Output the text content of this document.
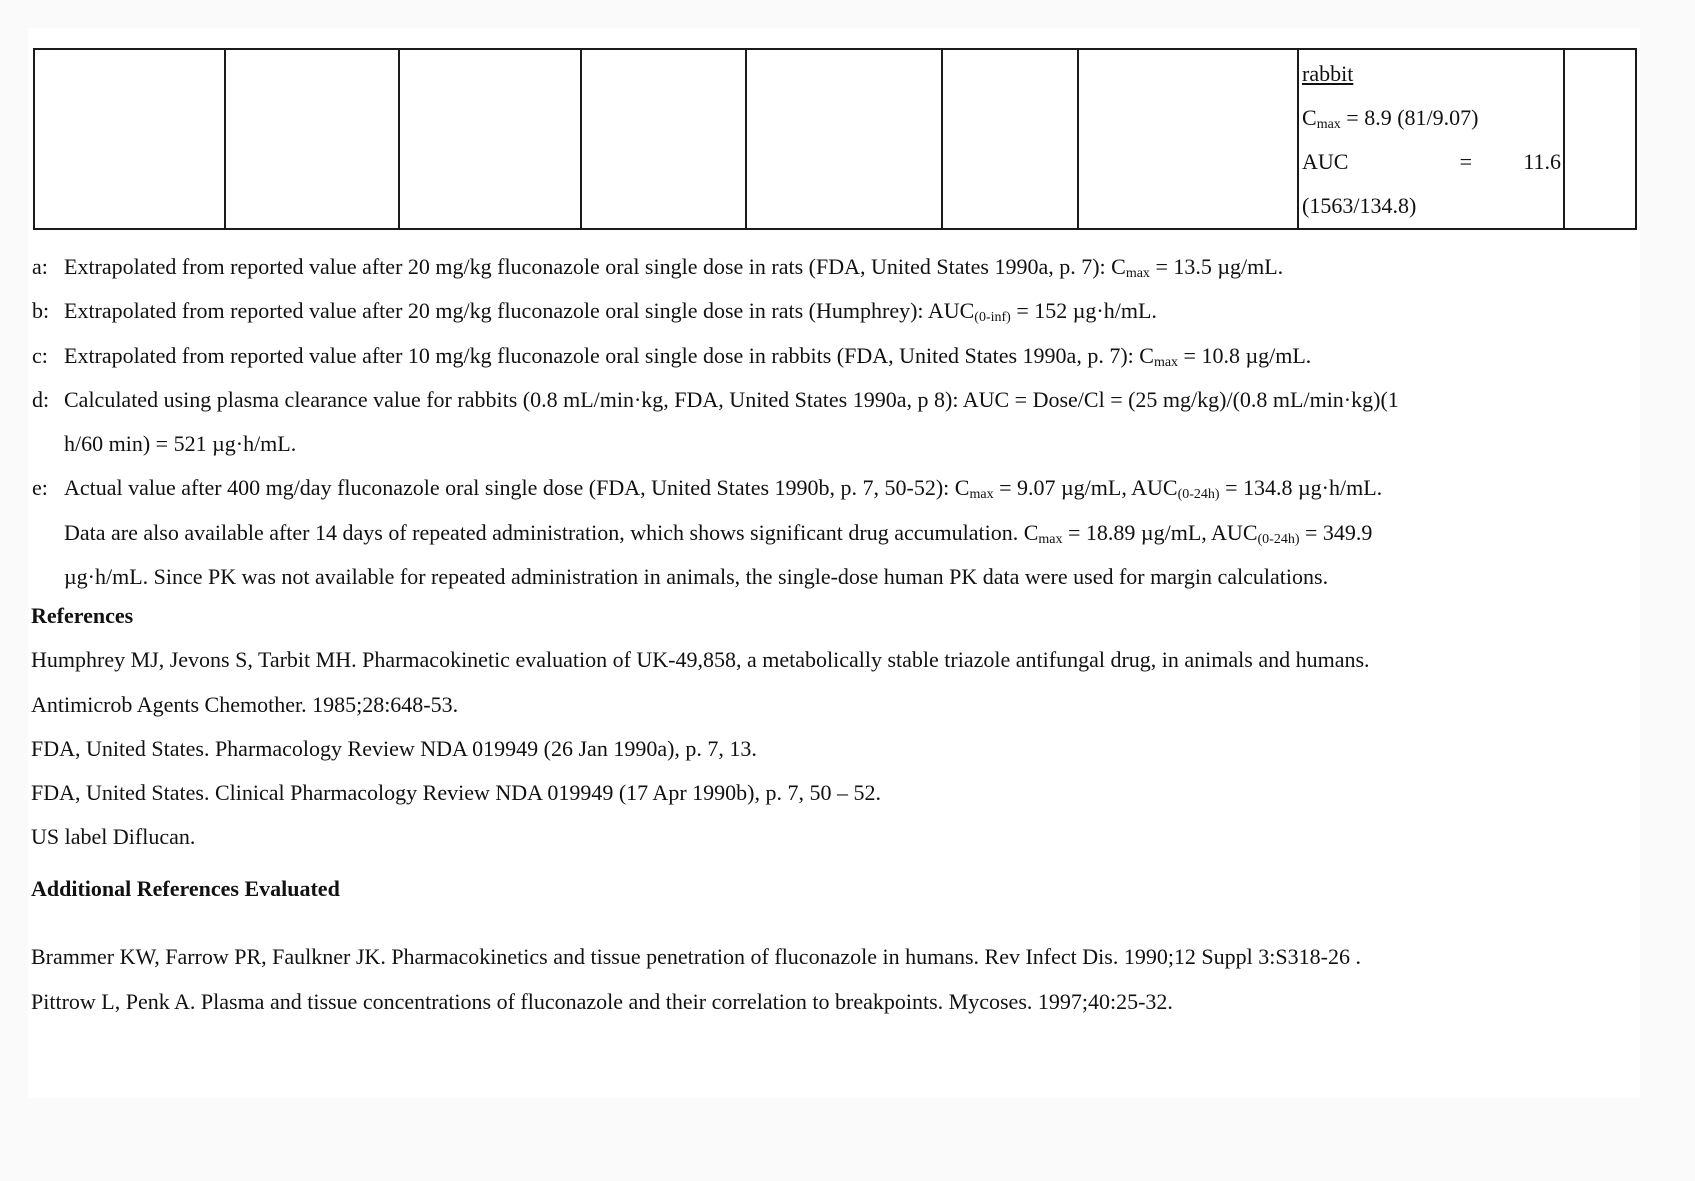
rabbit
$C_{max} = 8.9$ (81/9.07)
AUC	= 11.6
(1563/134.8)

a: Extrapolated from reported value after 20 mg/kg fluconazole oral single dose in rats (FDA, United States 1990a, p. 7): $C_{max} = 13.5$ µg/mL.
b: Extrapolated from reported value after 20 mg/kg fluconazole oral single dose in rats (Humphrey): $AUC_{(0-inf)} = 152$ µg·h/mL.
c: Extrapolated from reported value after 10 mg/kg fluconazole oral single dose in rabbits (FDA, United States 1990a, p. 7): $C_{max} = 10.8$ µg/mL.
d: Calculated using plasma clearance value for rabbits (0.8 mL/min·kg, FDA, United States 1990a, p 8): AUC = Dose/Cl = (25 mg/kg)/(0.8 mL/min·kg)(1
h/60 min) = 521 µg·h/mL.
e: Actual value after 400 mg/day fluconazole oral single dose (FDA, United States 1990b, p. 7, 50-52): $C_{max} = 9.07$ µg/mL, $AUC_{(0-24h)} = 134.8$ µg·h/mL.
Data are also available after 14 days of repeated administration, which shows significant drug accumulation. $C_{max} = 18.89$ µg/mL, $AUC_{(0-24h)} = 349.9$
µg·h/mL. Since PK was not available for repeated administration in animals, the single-dose human PK data were used for margin calculations.
References
Humphrey MJ, Jevons S, Tarbit MH. Pharmacokinetic evaluation of UK-49,858, a metabolically stable triazole antifungal drug, in animals and humans.
Antimicrob Agents Chemother. 1985;28:648-53.
FDA, United States. Pharmacology Review NDA 019949 (26 Jan 1990a), p. 7, 13.
FDA, United States. Clinical Pharmacology Review NDA 019949 (17 Apr 1990b), p. 7, 50 – 52.
US label Diflucan.
Additional References Evaluated
Brammer KW, Farrow PR, Faulkner JK. Pharmacokinetics and tissue penetration of fluconazole in humans. Rev Infect Dis. 1990;12 Suppl 3:S318-26 .
Pittrow L, Penk A. Plasma and tissue concentrations of fluconazole and their correlation to breakpoints. Mycoses. 1997;40:25-32.
